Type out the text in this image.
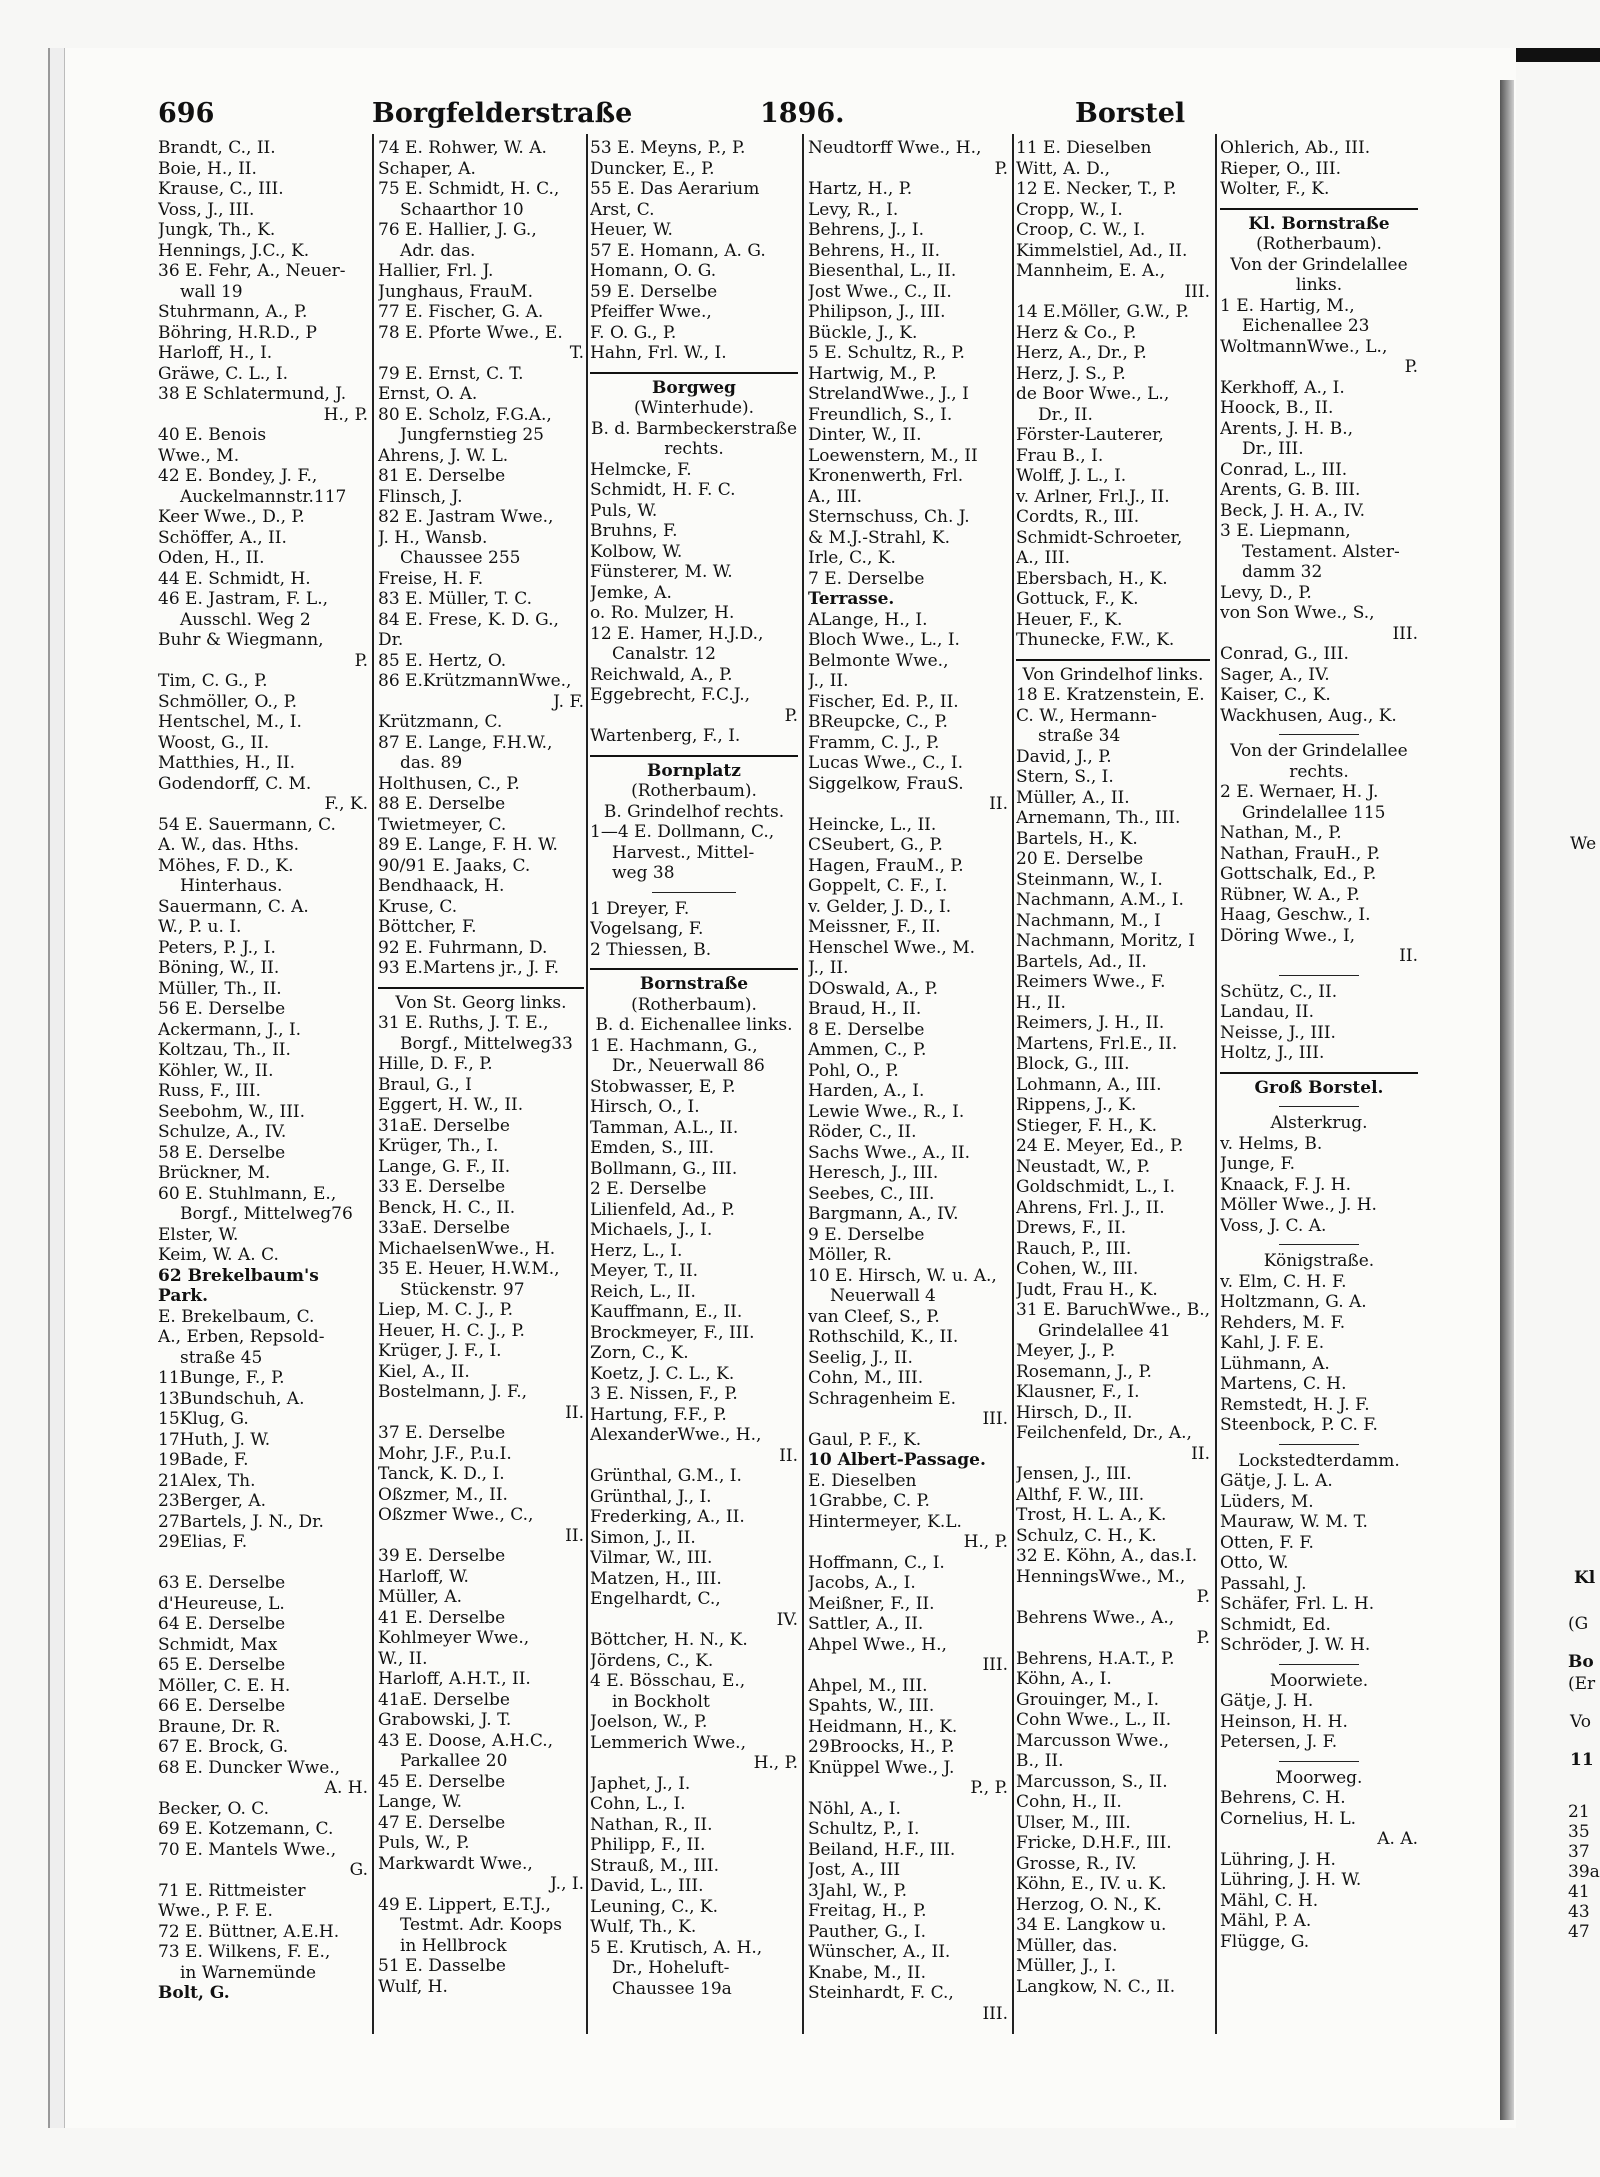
696	Borgfelderstraße	1896.	Borstel
Brandt, C., II.
Boie, H., II.
Krause, C., III.
Voss, J., III.
Jungk, Th., K.
Hennings, J.C., K.
36 E. Fehr, A., Neuer-
wall 19
Stuhrmann, A., P.
Böhring, H.R.D., P
Harloff, H., I.
Gräwe, C. L., I.
38 E Schlatermund, J.
H., P.
40 E. Benois
Wwe., M.
42 E. Bondey, J. F.,
Auckelmannstr.117
Keer Wwe., D., P.
Schöffer, A., II.
Oden, H., II.
44 E. Schmidt, H.
46 E. Jastram, F. L.,
Ausschl. Weg 2
Buhr & Wiegmann,
P.
Tim, C. G., P.
Schmöller, O., P.
Hentschel, M., I.
Woost, G., II.
Matthies, H., II.
Godendorff, C. M.
F., K.
54 E. Sauermann, C.
A. W., das. Hths.
Möhes, F. D., K.
Hinterhaus.
Sauermann, C. A.
W., P. u. I.
Peters, P. J., I.
Böning, W., II.
Müller, Th., II.
56 E. Derselbe
Ackermann, J., I.
Koltzau, Th., II.
Köhler, W., II.
Russ, F., III.
Seebohm, W., III.
Schulze, A., IV.
58 E. Derselbe
Brückner, M.
60 E. Stuhlmann, E.,
Borgf., Mittelweg76
Elster, W.
Keim, W. A. C.
62 Brekelbaum's
Park.
E. Brekelbaum, C.
A., Erben, Repsold-
straße 45
11Bunge, F., P.
13Bundschuh, A.
15Klug, G.
17Huth, J. W.
19Bade, F.
21Alex, Th.
23Berger, A.
27Bartels, J. N., Dr.
29Elias, F.
63 E. Derselbe
d'Heureuse, L.
64 E. Derselbe
Schmidt, Max
65 E. Derselbe
Möller, C. E. H.
66 E. Derselbe
Braune, Dr. R.
67 E. Brock, G.
68 E. Duncker Wwe.,
A. H.
Becker, O. C.
69 E. Kotzemann, C.
70 E. Mantels Wwe.,
G.
71 E. Rittmeister
Wwe., P. F. E.
72 E. Büttner, A.E.H.
73 E. Wilkens, F. E.,
in Warnemünde
Bolt, G.
74 E. Rohwer, W. A.
Schaper, A.
75 E. Schmidt, H. C.,
Schaarthor 10
76 E. Hallier, J. G.,
Adr. das.
Hallier, Frl. J.
Junghaus, FrauM.
77 E. Fischer, G. A.
78 E. Pforte Wwe., E.
T.
79 E. Ernst, C. T.
Ernst, O. A.
80 E. Scholz, F.G.A.,
Jungfernstieg 25
Ahrens, J. W. L.
81 E. Derselbe
Flinsch, J.
82 E. Jastram Wwe.,
J. H., Wansb.
Chaussee 255
Freise, H. F.
83 E. Müller, T. C.
84 E. Frese, K. D. G.,
Dr.
85 E. Hertz, O.
86 E.KrützmannWwe.,
J. F.
Krützmann, C.
87 E. Lange, F.H.W.,
das. 89
Holthusen, C., P.
88 E. Derselbe
Twietmeyer, C.
89 E. Lange, F. H. W.
90/91 E. Jaaks, C.
Bendhaack, H.
Kruse, C.
Böttcher, F.
92 E. Fuhrmann, D.
93 E.Martens jr., J. F.
Von St. Georg links.
31 E. Ruths, J. T. E.,
Borgf., Mittelweg33
Hille, D. F., P.
Braul, G., I
Eggert, H. W., II.
31aE. Derselbe
Krüger, Th., I.
Lange, G. F., II.
33 E. Derselbe
Benck, H. C., II.
33aE. Derselbe
MichaelsenWwe., H.
35 E. Heuer, H.W.M.,
Stückenstr. 97
Liep, M. C. J., P.
Heuer, H. C. J., P.
Krüger, J. F., I.
Kiel, A., II.
Bostelmann, J. F.,
II.
37 E. Derselbe
Mohr, J.F., P.u.I.
Tanck, K. D., I.
Oßzmer, M., II.
Oßzmer Wwe., C.,
II.
39 E. Derselbe
Harloff, W.
Müller, A.
41 E. Derselbe
Kohlmeyer Wwe.,
W., II.
Harloff, A.H.T., II.
41aE. Derselbe
Grabowski, J. T.
43 E. Doose, A.H.C.,
Parkallee 20
45 E. Derselbe
Lange, W.
47 E. Derselbe
Puls, W., P.
Markwardt Wwe.,
J., I.
49 E. Lippert, E.T.J.,
Testmt. Adr. Koops
in Hellbrock
51 E. Dasselbe
Wulf, H.
53 E. Meyns, P., P.
Duncker, E., P.
55 E. Das Aerarium
Arst, C.
Heuer, W.
57 E. Homann, A. G.
Homann, O. G.
59 E. Derselbe
Pfeiffer Wwe.,
F. O. G., P.
Hahn, Frl. W., I.
Borgweg
(Winterhude).
B. d. Barmbeckerstraße
rechts.
Helmcke, F.
Schmidt, H. F. C.
Puls, W.
Bruhns, F.
Kolbow, W.
Fünsterer, M. W.
Jemke, A.
o. Ro. Mulzer, H.
12 E. Hamer, H.J.D.,
Canalstr. 12
Reichwald, A., P.
Eggebrecht, F.C.J.,
P.
Wartenberg, F., I.
Bornplatz
(Rotherbaum).
B. Grindelhof rechts.
1—4 E. Dollmann, C.,
Harvest., Mittel-
weg 38
1 Dreyer, F.
Vogelsang, F.
2 Thiessen, B.
Bornstraße
(Rotherbaum).
B. d. Eichenallee links.
1 E. Hachmann, G.,
Dr., Neuerwall 86
Stobwasser, E, P.
Hirsch, O., I.
Tamman, A.L., II.
Emden, S., III.
Bollmann, G., III.
2 E. Derselbe
Lilienfeld, Ad., P.
Michaels, J., I.
Herz, L., I.
Meyer, T., II.
Reich, L., II.
Kauffmann, E., II.
Brockmeyer, F., III.
Zorn, C., K.
Koetz, J. C. L., K.
3 E. Nissen, F., P.
Hartung, F.F., P.
AlexanderWwe., H.,
II.
Grünthal, G.M., I.
Grünthal, J., I.
Frederking, A., II.
Simon, J., II.
Vilmar, W., III.
Matzen, H., III.
Engelhardt, C.,
IV.
Böttcher, H. N., K.
Jördens, C., K.
4 E. Bösschau, E.,
in Bockholt
Joelson, W., P.
Lemmerich Wwe.,
H., P.
Japhet, J., I.
Cohn, L., I.
Nathan, R., II.
Philipp, F., II.
Strauß, M., III.
David, L., III.
Leuning, C., K.
Wulf, Th., K.
5 E. Krutisch, A. H.,
Dr., Hoheluft-
Chaussee 19a
Neudtorff Wwe., H.,
P.
Hartz, H., P.
Levy, R., I.
Behrens, J., I.
Behrens, H., II.
Biesenthal, L., II.
Jost Wwe., C., II.
Philipson, J., III.
Bückle, J., K.
5 E. Schultz, R., P.
Hartwig, M., P.
StrelandWwe., J., I
Freundlich, S., I.
Dinter, W., II.
Loewenstern, M., II
Kronenwerth, Frl.
A., III.
Sternschuss, Ch. J.
& M.J.-Strahl, K.
Irle, C., K.
7 E. Derselbe
Terrasse.
ALange, H., I.
Bloch Wwe., L., I.
Belmonte Wwe.,
J., II.
Fischer, Ed. P., II.
BReupcke, C., P.
Framm, C. J., P.
Lucas Wwe., C., I.
Siggelkow, FrauS.
II.
Heincke, L., II.
CSeubert, G., P.
Hagen, FrauM., P.
Goppelt, C. F., I.
v. Gelder, J. D., I.
Meissner, F., II.
Henschel Wwe., M.
J., II.
DOswald, A., P.
Braud, H., II.
8 E. Derselbe
Ammen, C., P.
Pohl, O., P.
Harden, A., I.
Lewie Wwe., R., I.
Röder, C., II.
Sachs Wwe., A., II.
Heresch, J., III.
Seebes, C., III.
Bargmann, A., IV.
9 E. Derselbe
Möller, R.
10 E. Hirsch, W. u. A.,
Neuerwall 4
van Cleef, S., P.
Rothschild, K., II.
Seelig, J., II.
Cohn, M., III.
Schragenheim E.
III.
Gaul, P. F., K.
10 Albert-Passage.
E. Dieselben
1Grabbe, C. P.
Hintermeyer, K.L.
H., P.
Hoffmann, C., I.
Jacobs, A., I.
Meißner, F., II.
Sattler, A., II.
Ahpel Wwe., H.,
III.
Ahpel, M., III.
Spahts, W., III.
Heidmann, H., K.
29Broocks, H., P.
Knüppel Wwe., J.
P., P.
Nöhl, A., I.
Schultz, P., I.
Beiland, H.F., III.
Jost, A., III
3Jahl, W., P.
Freitag, H., P.
Pauther, G., I.
Wünscher, A., II.
Knabe, M., II.
Steinhardt, F. C.,
III.
11 E. Dieselben
Witt, A. D.,
12 E. Necker, T., P.
Cropp, W., I.
Croop, C. W., I.
Kimmelstiel, Ad., II.
Mannheim, E. A.,
III.
14 E.Möller, G.W., P.
Herz & Co., P.
Herz, A., Dr., P.
Herz, J. S., P.
de Boor Wwe., L.,
Dr., II.
Förster-Lauterer,
Frau B., I.
Wolff, J. L., I.
v. Arlner, Frl.J., II.
Cordts, R., III.
Schmidt-Schroeter,
A., III.
Ebersbach, H., K.
Gottuck, F., K.
Heuer, F., K.
Thunecke, F.W., K.
Von Grindelhof links.
18 E. Kratzenstein, E.
C. W., Hermann-
straße 34
David, J., P.
Stern, S., I.
Müller, A., II.
Arnemann, Th., III.
Bartels, H., K.
20 E. Derselbe
Steinmann, W., I.
Nachmann, A.M., I.
Nachmann, M., I
Nachmann, Moritz, I
Bartels, Ad., II.
Reimers Wwe., F.
H., II.
Reimers, J. H., II.
Martens, Frl.E., II.
Block, G., III.
Lohmann, A., III.
Rippens, J., K.
Stieger, F. H., K.
24 E. Meyer, Ed., P.
Neustadt, W., P.
Goldschmidt, L., I.
Ahrens, Frl. J., II.
Drews, F., II.
Rauch, P., III.
Cohen, W., III.
Judt, Frau H., K.
31 E. BaruchWwe., B.,
Grindelallee 41
Meyer, J., P.
Rosemann, J., P.
Klausner, F., I.
Hirsch, D., II.
Feilchenfeld, Dr., A.,
II.
Jensen, J., III.
Althf, F. W., III.
Trost, H. L. A., K.
Schulz, C. H., K.
32 E. Köhn, A., das.I.
HenningsWwe., M.,
P.
Behrens Wwe., A.,
P.
Behrens, H.A.T., P.
Köhn, A., I.
Grouinger, M., I.
Cohn Wwe., L., II.
Marcusson Wwe.,
B., II.
Marcusson, S., II.
Cohn, H., II.
Ulser, M., III.
Fricke, D.H.F., III.
Grosse, R., IV.
Köhn, E., IV. u. K.
Herzog, O. N., K.
34 E. Langkow u.
Müller, das.
Müller, J., I.
Langkow, N. C., II.
Ohlerich, Ab., III.
Rieper, O., III.
Wolter, F., K.
Kl. Bornstraße
(Rotherbaum).
Von der Grindelallee
links.
1 E. Hartig, M.,
Eichenallee 23
WoltmannWwe., L.,
P.
Kerkhoff, A., I.
Hoock, B., II.
Arents, J. H. B.,
Dr., III.
Conrad, L., III.
Arents, G. B. III.
Beck, J. H. A., IV.
3 E. Liepmann,
Testament. Alster-
damm 32
Levy, D., P.
von Son Wwe., S.,
III.
Conrad, G., III.
Sager, A., IV.
Kaiser, C., K.
Wackhusen, Aug., K.
Von der Grindelallee
rechts.
2 E. Wernaer, H. J.
Grindelallee 115
Nathan, M., P.
Nathan, FrauH., P.
Gottschalk, Ed., P.
Rübner, W. A., P.
Haag, Geschw., I.
Döring Wwe., I,
II.
Schütz, C., II.
Landau, II.
Neisse, J., III.
Holtz, J., III.
Groß Borstel.
Alsterkrug.
v. Helms, B.
Junge, F.
Knaack, F. J. H.
Möller Wwe., J. H.
Voss, J. C. A.
Königstraße.
v. Elm, C. H. F.
Holtzmann, G. A.
Rehders, M. F.
Kahl, J. F. E.
Lühmann, A.
Martens, C. H.
Remstedt, H. J. F.
Steenbock, P. C. F.
Lockstedterdamm.
Gätje, J. L. A.
Lüders, M.
Mauraw, W. M. T.
Otten, F. F.
Otto, W.
Passahl, J.
Schäfer, Frl. L. H.
Schmidt, Ed.
Schröder, J. W. H.
Moorwiete.
Gätje, J. H.
Heinson, H. H.
Petersen, J. F.
Moorweg.
Behrens, C. H.
Cornelius, H. L.
A. A.
Lühring, J. H.
Lühring, J. H. W.
Mähl, C. H.
Mähl, P. A.
Flügge, G.
We
Kl
(G
Bo
(Er
Vo
11
21
35
37
39a
41
43
47
